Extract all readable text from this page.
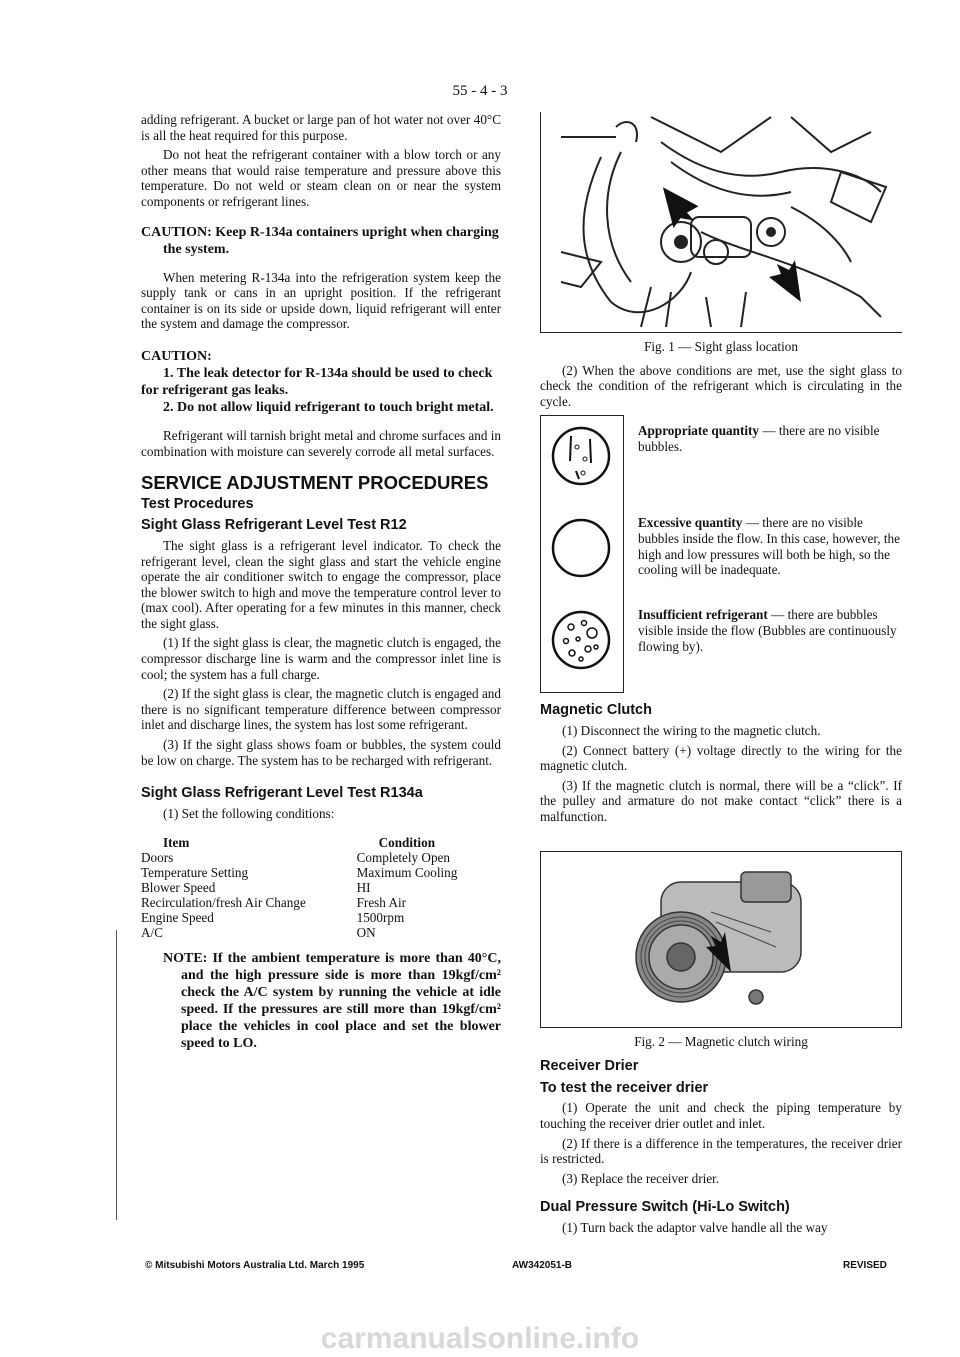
55 - 4 - 3

adding refrigerant. A bucket or large pan of hot water not over 40°C is all the heat required for this purpose.

Do not heat the refrigerant container with a blow torch or any other means that would raise temperature and pressure above this temperature. Do not weld or steam clean on or near the system components or refrigerant lines.

CAUTION: Keep R-134a containers upright when charging the system.

When metering R-134a into the refrigeration system keep the supply tank or cans in an upright position. If the refrigerant container is on its side or upside down, liquid refrigerant will enter the system and damage the compressor.

CAUTION:
1. The leak detector for R-134a should be used to check for refrigerant gas leaks.
2. Do not allow liquid refrigerant to touch bright metal.

Refrigerant will tarnish bright metal and chrome surfaces and in combination with moisture can severely corrode all metal surfaces.

SERVICE ADJUSTMENT PROCEDURES
Test Procedures
Sight Glass Refrigerant Level Test R12

The sight glass is a refrigerant level indicator. To check the refrigerant level, clean the sight glass and start the vehicle engine operate the air conditioner switch to engage the compressor, place the blower switch to high and move the temperature control lever to (max cool). After operating for a few minutes in this manner, check the sight glass.

(1) If the sight glass is clear, the magnetic clutch is engaged, the compressor discharge line is warm and the compressor inlet line is cool; the system has a full charge.

(2) If the sight glass is clear, the magnetic clutch is engaged and there is no significant temperature difference between compressor inlet and discharge lines, the system has lost some refrigerant.

(3) If the sight glass shows foam or bubbles, the system could be low on charge. The system has to be recharged with refrigerant.

Sight Glass Refrigerant Level Test R134a

(1) Set the following conditions:

Item	Condition
Doors	Completely Open
Temperature Setting	Maximum Cooling
Blower Speed	HI
Recirculation/fresh Air Change	Fresh Air
Engine Speed	1500rpm
A/C	ON

NOTE: If the ambient temperature is more than 40°C, and the high pressure side is more than 19kgf/cm² check the A/C system by running the vehicle at idle speed. If the pressures are still more than 19kgf/cm² place the vehicles in cool place and set the blower speed to LO.

Fig. 1 — Sight glass location

(2) When the above conditions are met, use the sight glass to check the condition of the refrigerant which is circulating in the cycle.

Appropriate quantity — there are no visible bubbles.
Excessive quantity — there are no visible bubbles inside the flow. In this case, however, the high and low pressures will both be high, so the cooling will be inadequate.
Insufficient refrigerant — there are bubbles visible inside the flow (Bubbles are continuously flowing by).
Magnetic Clutch

(1) Disconnect the wiring to the magnetic clutch.

(2) Connect battery (+) voltage directly to the wiring for the magnetic clutch.

(3) If the magnetic clutch is normal, there will be a “click”. If the pulley and armature do not make contact “click” there is a malfunction.

Fig. 2 — Magnetic clutch wiring
Receiver Drier
To test the receiver drier

(1) Operate the unit and check the piping temperature by touching the receiver drier outlet and inlet.

(2) If there is a difference in the temperatures, the receiver drier is restricted.

(3) Replace the receiver drier.

Dual Pressure Switch (Hi-Lo Switch)

(1) Turn back the adaptor valve handle all the way

© Mitsubishi Motors Australia Ltd. March 1995	AW342051-B	REVISED
carmanualsonline.info
